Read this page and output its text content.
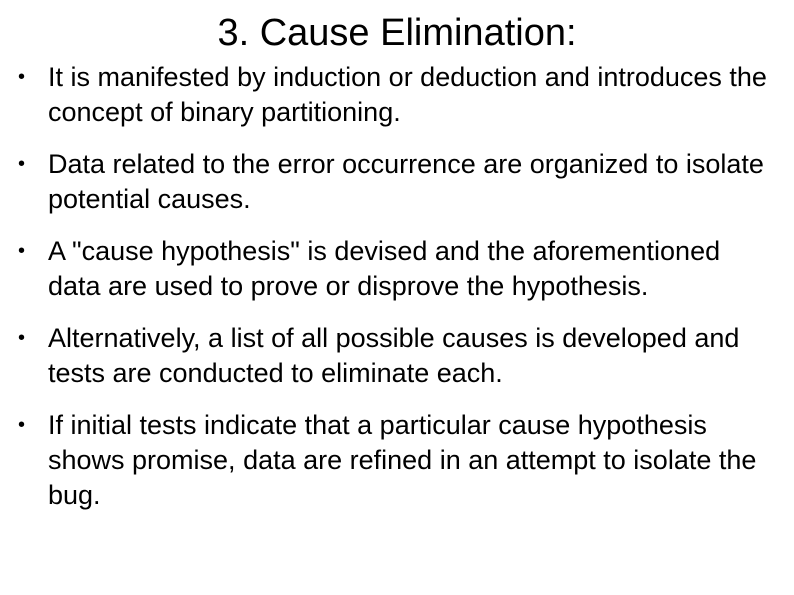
3. Cause Elimination:
• It is manifested by induction or deduction and introduces the concept of binary partitioning.
• Data related to the error occurrence are organized to isolate potential causes.
• A "cause hypothesis" is devised and the aforementioned data are used to prove or disprove the hypothesis.
• Alternatively, a list of all possible causes is developed and tests are conducted to eliminate each.
• If initial tests indicate that a particular cause hypothesis shows promise, data are refined in an attempt to isolate the bug.
